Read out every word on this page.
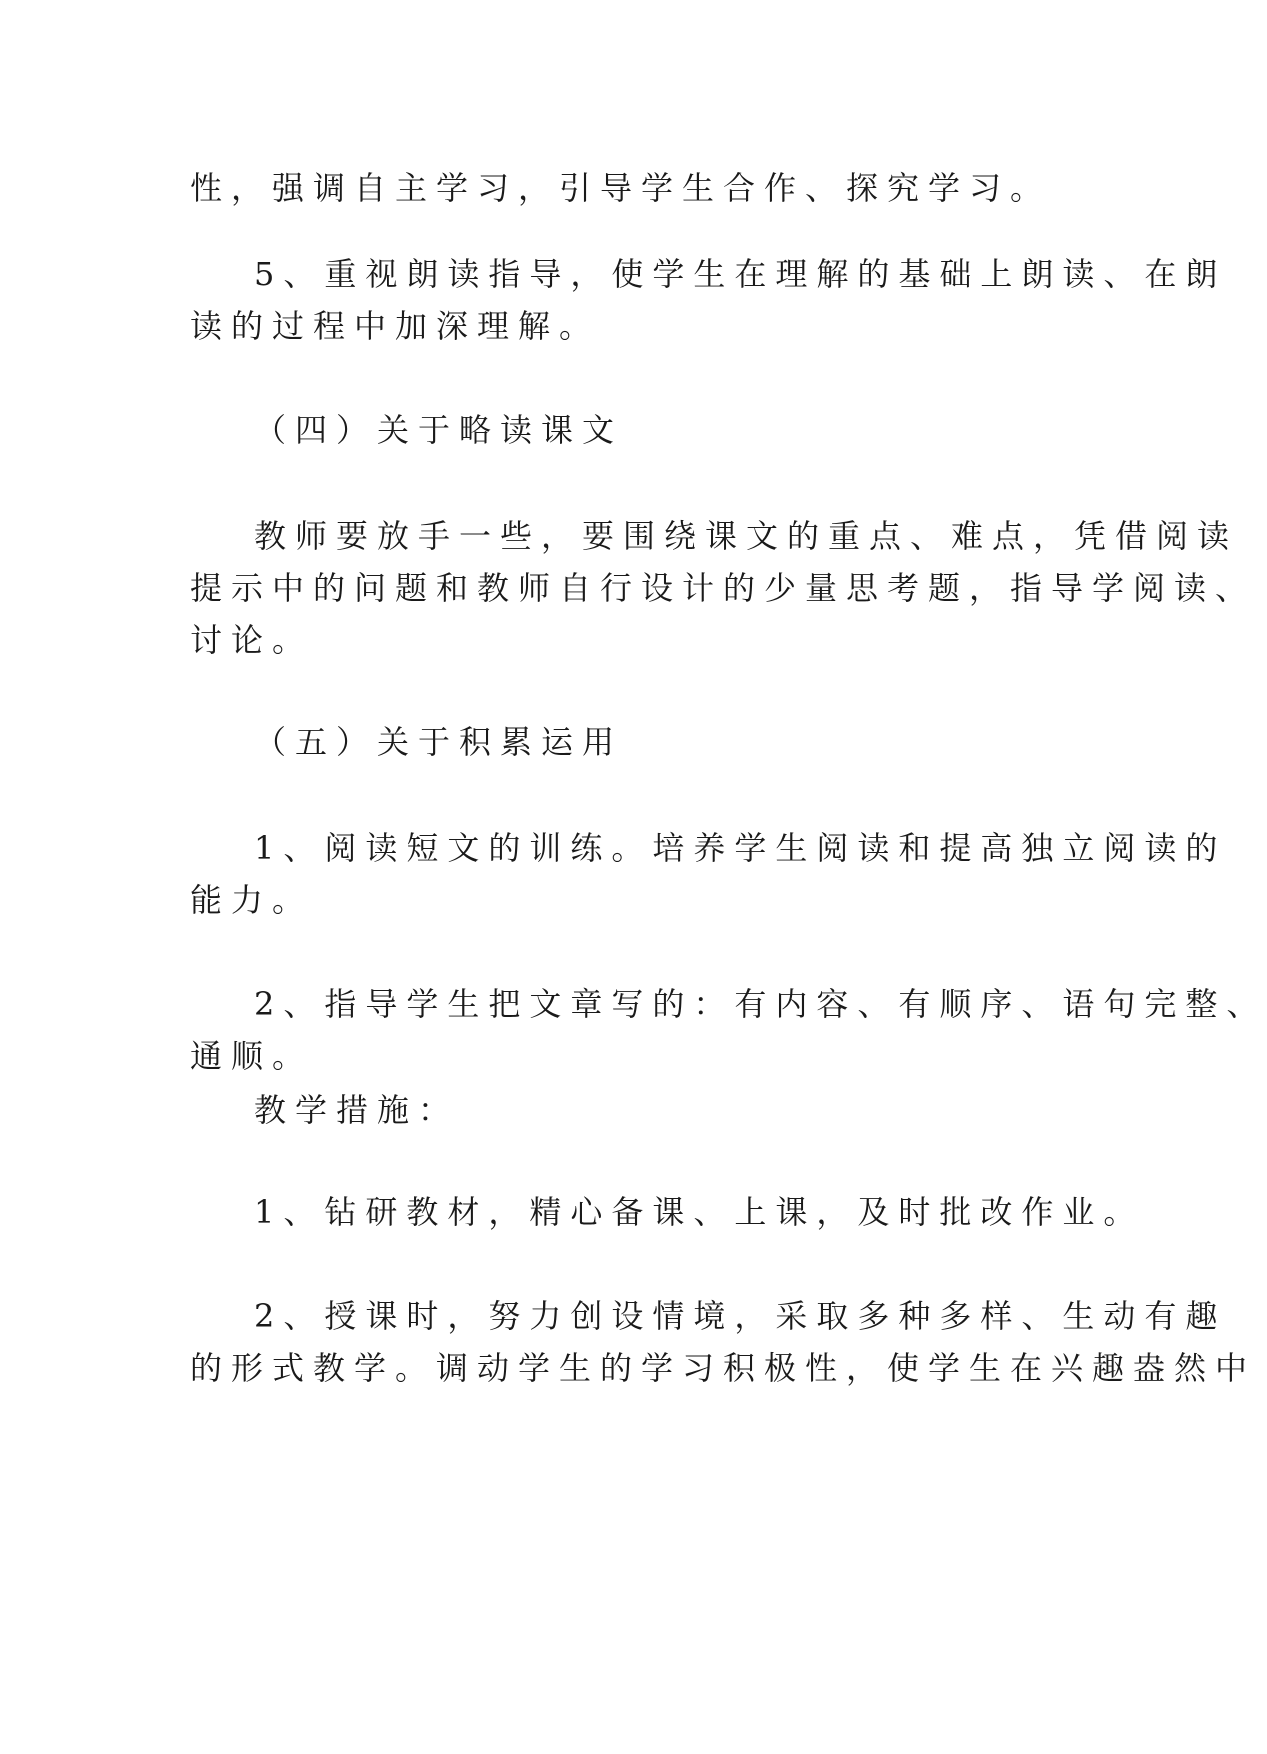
性，强调自主学习，引导学生合作、探究学习。
5、重视朗读指导，使学生在理解的基础上朗读、在朗
读的过程中加深理解。
（四）关于略读课文
教师要放手一些，要围绕课文的重点、难点，凭借阅读
提示中的问题和教师自行设计的少量思考题，指导学阅读、
讨论。
（五）关于积累运用
1、阅读短文的训练。培养学生阅读和提高独立阅读的
能力。
2、指导学生把文章写的：有内容、有顺序、语句完整、
通顺。
教学措施：
1、钻研教材，精心备课、上课，及时批改作业。
2、授课时，努力创设情境，采取多种多样、生动有趣
的形式教学。调动学生的学习积极性，使学生在兴趣盎然中
